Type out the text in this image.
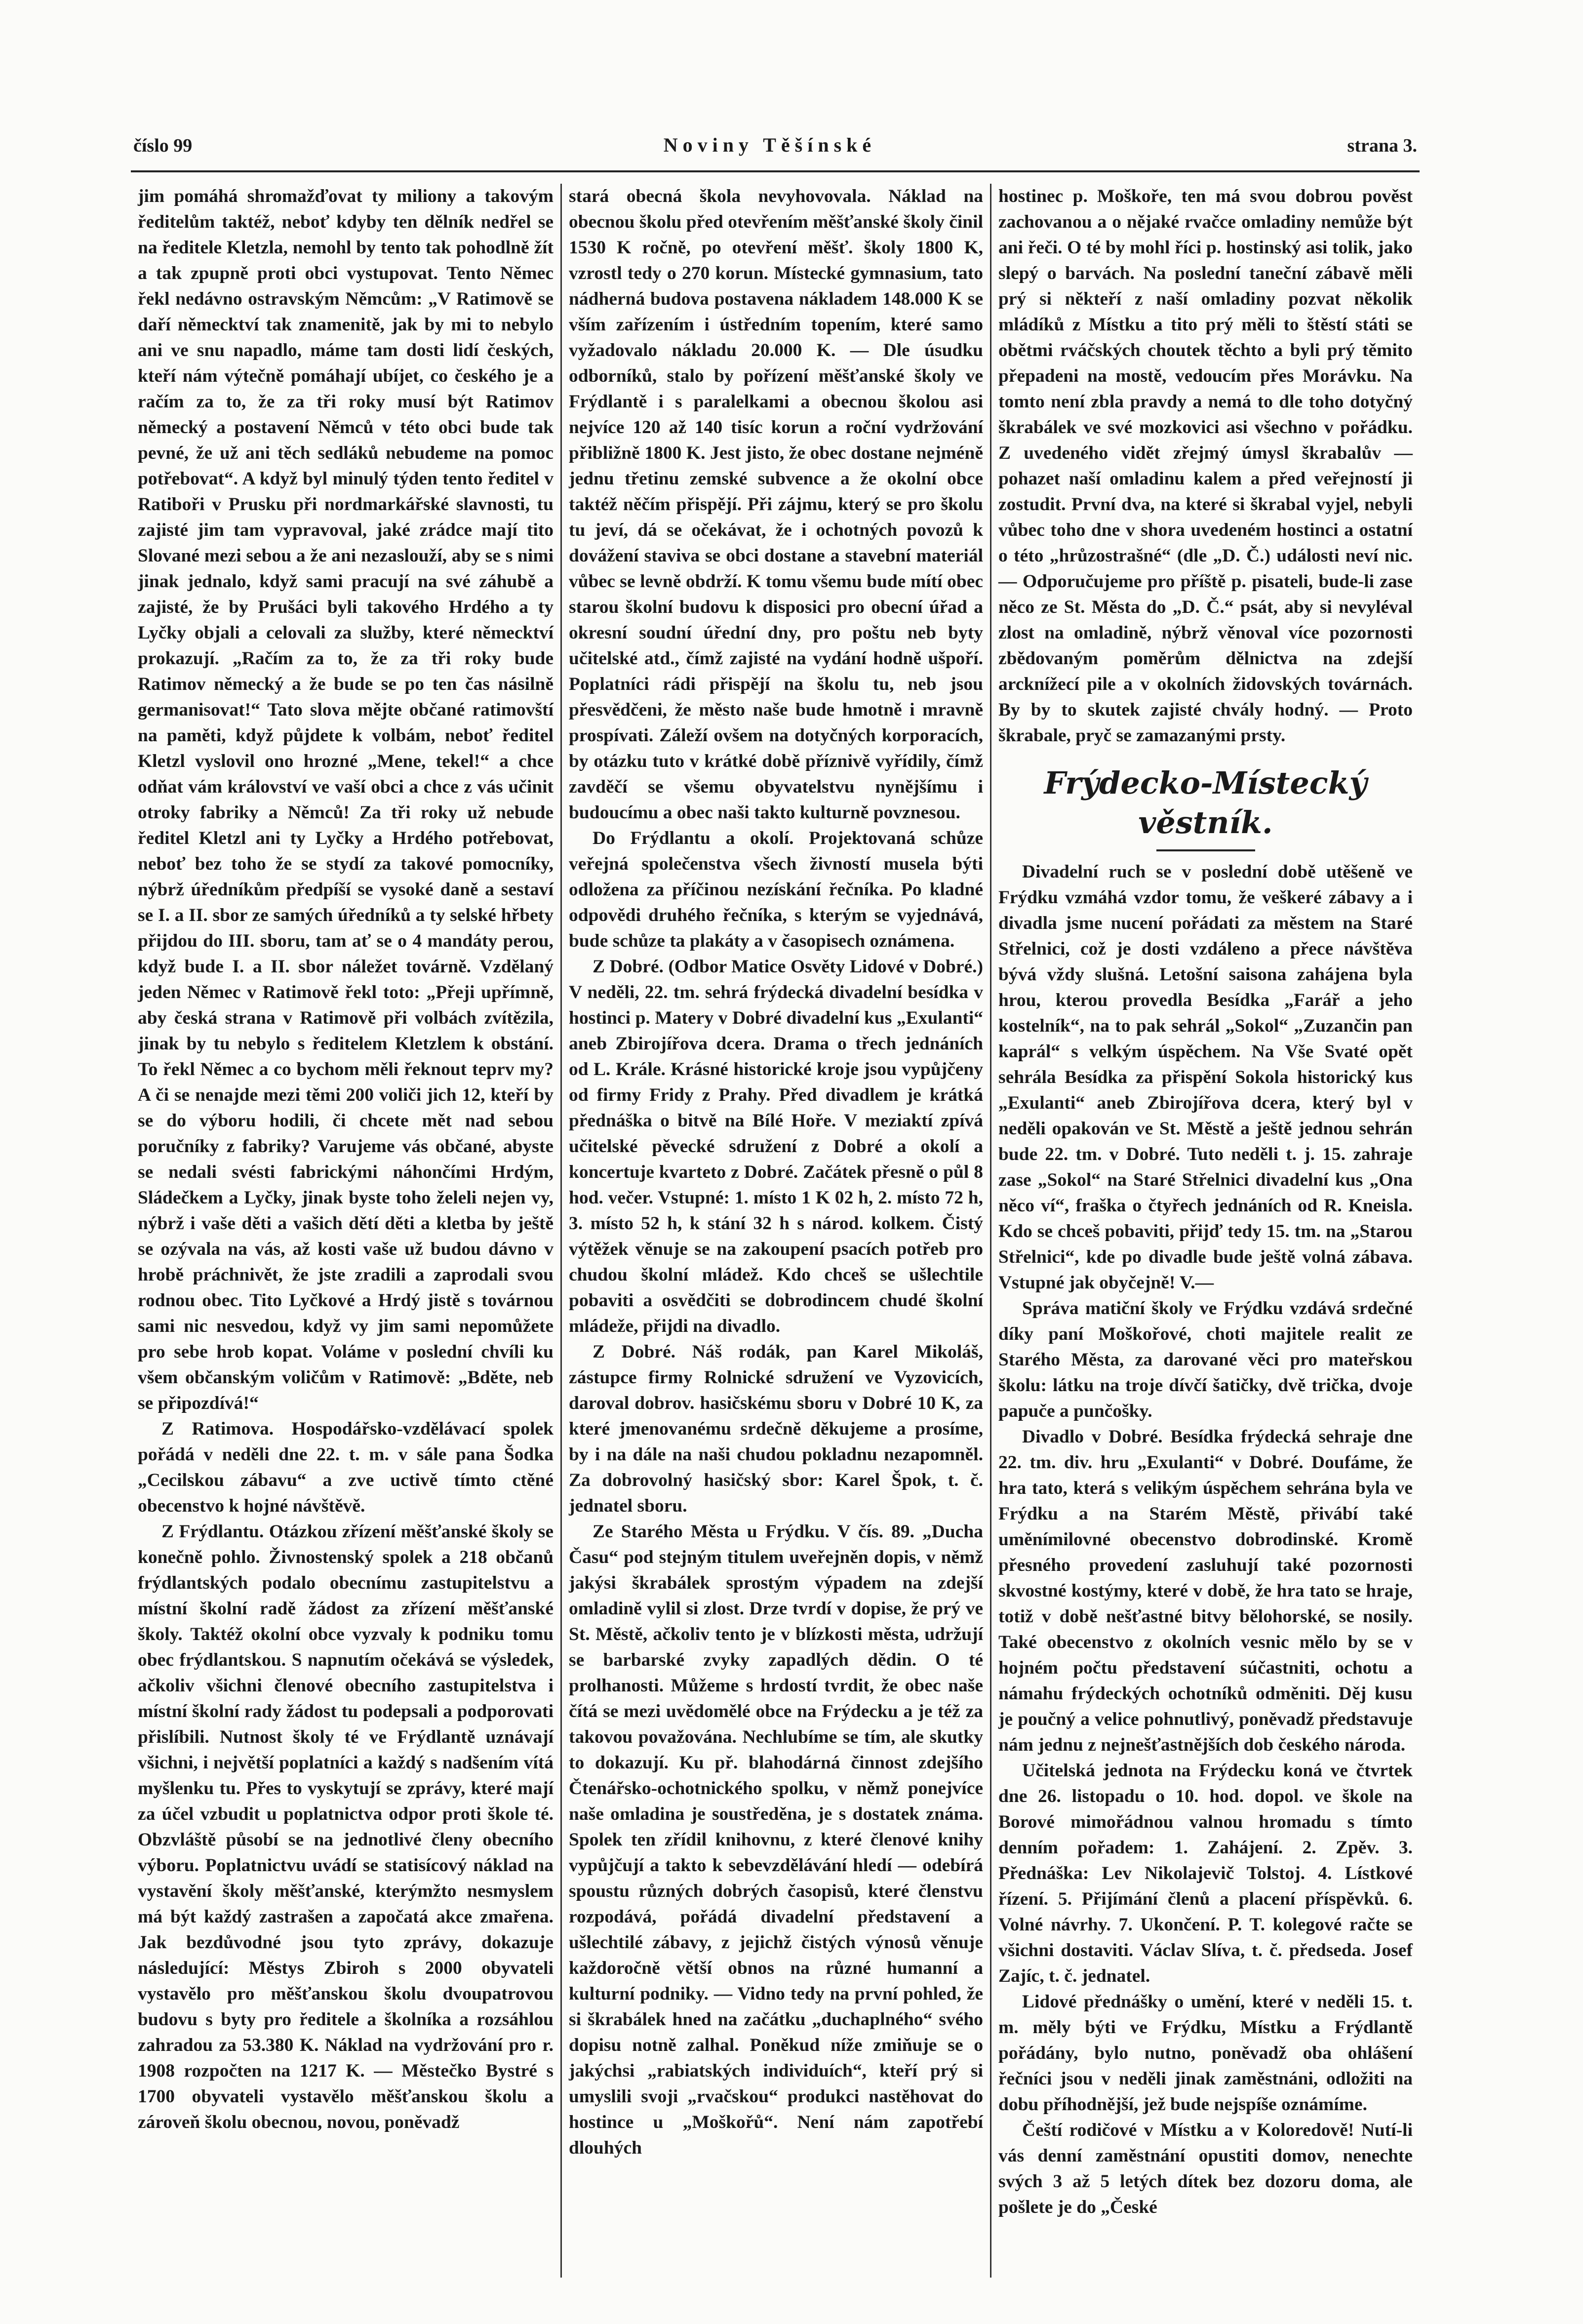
číslo 99	Noviny Těšínské	strana 3.

jim pomáhá shromažďovat ty miliony a takovým ředitelům taktéž, neboť kdyby ten dělník nedřel se na ředitele Kletzla, nemohl by tento tak pohodlně žít a tak zpupně proti obci vystupovat. Tento Němec řekl nedávno ostravským Němcům: „V Ratimově se daří německtví tak znamenitě, jak by mi to nebylo ani ve snu napadlo, máme tam dosti lidí českých, kteří nám výtečně pomáhají ubíjet, co českého je a račím za to, že za tři roky musí být Ratimov německý a postavení Němců v této obci bude tak pevné, že už ani těch sedláků nebudeme na pomoc potřebovat“. A když byl minulý týden tento ředitel v Ratiboři v Prusku při nordmarkářské slavnosti, tu zajisté jim tam vypravoval, jaké zrádce mají tito Slované mezi sebou a že ani nezaslouží, aby se s nimi jinak jednalo, když sami pracují na své záhubě a zajisté, že by Prušáci byli takového Hrdého a ty Lyčky objali a celovali za služby, které německtví prokazují. „Račím za to, že za tři roky bude Ratimov německý a že bude se po ten čas násilně germanisovat!“ Tato slova mějte občané ratimovští na paměti, když půjdete k volbám, neboť ředitel Kletzl vyslovil ono hrozné „Mene, tekel!“ a chce odňat vám království ve vaší obci a chce z vás učinit otroky fabriky a Němců! Za tři roky už nebude ředitel Kletzl ani ty Lyčky a Hrdého potřebovat, neboť bez toho že se stydí za takové pomocníky, nýbrž úředníkům předpíší se vysoké daně a sestaví se I. a II. sbor ze samých úředníků a ty selské hřbety přijdou do III. sboru, tam ať se o 4 mandáty perou, když bude I. a II. sbor náležet továrně. Vzdělaný jeden Němec v Ratimově řekl toto: „Přeji upřímně, aby česká strana v Ratimově při volbách zvítězila, jinak by tu nebylo s ředitelem Kletzlem k obstání. To řekl Němec a co bychom měli řeknout teprv my? A či se nenajde mezi těmi 200 voliči jich 12, kteří by se do výboru hodili, či chcete mět nad sebou poručníky z fabriky? Varujeme vás občané, abyste se nedali svésti fabrickými náhončími Hrdým, Sládečkem a Lyčky, jinak byste toho želeli nejen vy, nýbrž i vaše děti a vašich dětí děti a kletba by ještě se ozývala na vás, až kosti vaše už budou dávno v hrobě práchnivět, že jste zradili a zaprodali svou rodnou obec. Tito Lyčkové a Hrdý jistě s továrnou sami nic nesvedou, když vy jim sami nepomůžete pro sebe hrob kopat. Voláme v poslední chvíli ku všem občanským voličům v Ratimově: „Bděte, neb se připozdívá!“

Z Ratimova. Hospodářsko-vzdělávací spolek pořádá v neděli dne 22. t. m. v sále pana Šodka „Cecilskou zábavu“ a zve uctivě tímto ctěné obecenstvo k hojné návštěvě.

Z Frýdlantu. Otázkou zřízení měšťanské školy se konečně pohlo. Živnostenský spolek a 218 občanů frýdlantských podalo obecnímu zastupitelstvu a místní školní radě žádost za zřízení měšťanské školy. Taktéž okolní obce vyzvaly k podniku tomu obec frýdlantskou. S napnutím očekává se výsledek, ačkoliv všichni členové obecního zastupitelstva i místní školní rady žádost tu podepsali a podporovati přislíbili. Nutnost školy té ve Frýdlantě uznávají všichni, i největší poplatníci a každý s nadšením vítá myšlenku tu. Přes to vyskytují se zprávy, které mají za účel vzbudit u poplatnictva odpor proti škole té. Obzvláště působí se na jednotlivé členy obecního výboru. Poplatnictvu uvádí se statisícový náklad na vystavění školy měšťanské, kterýmžto nesmyslem má být každý zastrašen a započatá akce zmařena. Jak bezdůvodné jsou tyto zprávy, dokazuje následující: Městys Zbiroh s 2000 obyvateli vystavělo pro měšťanskou školu dvoupatrovou budovu s byty pro ředitele a školníka a rozsáhlou zahradou za 53.380 K. Náklad na vydržování pro r. 1908 rozpočten na 1217 K. — Městečko Bystré s 1700 obyvateli vystavělo měšťanskou školu a zároveň školu obecnou, novou, poněvadž

stará obecná škola nevyhovovala. Náklad na obecnou školu před otevřením měšťanské školy činil 1530 K ročně, po otevření měšť. školy 1800 K, vzrostl tedy o 270 korun. Místecké gymnasium, tato nádherná budova postavena nákladem 148.000 K se vším zařízením i ústředním topením, které samo vyžadovalo nákladu 20.000 K. — Dle úsudku odborníků, stalo by pořízení měšťanské školy ve Frýdlantě i s paralelkami a obecnou školou asi nejvíce 120 až 140 tisíc korun a roční vydržování přibližně 1800 K. Jest jisto, že obec dostane nejméně jednu třetinu zemské subvence a že okolní obce taktéž něčím přispějí. Při zájmu, který se pro školu tu jeví, dá se očekávat, že i ochotných povozů k dovážení staviva se obci dostane a stavební materiál vůbec se levně obdrží. K tomu všemu bude mítí obec starou školní budovu k disposici pro obecní úřad a okresní soudní úřední dny, pro poštu neb byty učitelské atd., čímž zajisté na vydání hodně ušpoří. Poplatníci rádi přispějí na školu tu, neb jsou přesvědčeni, že město naše bude hmotně i mravně prospívati. Záleží ovšem na dotyčných korporacích, by otázku tuto v krátké době příznivě vyřídily, čímž zavděčí se všemu obyvatelstvu nynějšímu i budoucímu a obec naši takto kulturně povznesou.

Do Frýdlantu a okolí. Projektovaná schůze veřejná společenstva všech živností musela býti odložena za příčinou nezískání řečníka. Po kladné odpovědi druhého řečníka, s kterým se vyjednává, bude schůze ta plakáty a v časopisech oznámena.

Z Dobré. (Odbor Matice Osvěty Lidové v Dobré.) V neděli, 22. tm. sehrá frýdecká divadelní besídka v hostinci p. Matery v Dobré divadelní kus „Exulanti“ aneb Zbirojířova dcera. Drama o třech jednáních od L. Krále. Krásné historické kroje jsou vypůjčeny od firmy Fridy z Prahy. Před divadlem je krátká přednáška o bitvě na Bílé Hoře. V meziaktí zpívá učitelské pěvecké sdružení z Dobré a okolí a koncertuje kvarteto z Dobré. Začátek přesně o půl 8 hod. večer. Vstupné: 1. místo 1 K 02 h, 2. místo 72 h, 3. místo 52 h, k stání 32 h s národ. kolkem. Čistý výtěžek věnuje se na zakoupení psacích potřeb pro chudou školní mládež. Kdo chceš se ušlechtile pobaviti a osvědčiti se dobrodincem chudé školní mládeže, přijdi na divadlo.

Z Dobré. Náš rodák, pan Karel Mikoláš, zástupce firmy Rolnické sdružení ve Vyzovicích, daroval dobrov. hasičskému sboru v Dobré 10 K, za které jmenovanému srdečně děkujeme a prosíme, by i na dále na naši chudou pokladnu nezapomněl. Za dobrovolný hasičský sbor: Karel Špok, t. č. jednatel sboru.

Ze Starého Města u Frýdku. V čís. 89. „Ducha Času“ pod stejným titulem uveřejněn dopis, v němž jakýsi škrabálek sprostým výpadem na zdejší omladině vylil si zlost. Drze tvrdí v dopise, že prý ve St. Městě, ačkoliv tento je v blízkosti města, udržují se barbarské zvyky zapadlých dědin. O té prolhanosti. Můžeme s hrdostí tvrdit, že obec naše čítá se mezi uvědomělé obce na Frýdecku a je též za takovou považována. Nechlubíme se tím, ale skutky to dokazují. Ku př. blahodárná činnost zdejšího Čtenářsko-ochotnického spolku, v němž ponejvíce naše omladina je soustředěna, je s dostatek známa. Spolek ten zřídil knihovnu, z které členové knihy vypůjčují a takto k sebevzdělávání hledí — odebírá spoustu různých dobrých časopisů, které členstvu rozpodává, pořádá divadelní představení a ušlechtilé zábavy, z jejichž čistých výnosů věnuje každoročně větší obnos na různé humanní a kulturní podniky. — Vidno tedy na první pohled, že si škrabálek hned na začátku „duchaplného“ svého dopisu notně zalhal. Poněkud níže zmiňuje se o jakýchsi „rabiatských individuích“, kteří prý si umyslili svoji „rvačskou“ produkci nastěhovat do hostince u „Moškořů“. Není nám zapotřebí dlouhých

hostinec p. Moškoře, ten má svou dobrou pověst zachovanou a o nějaké rvačce omladiny nemůže být ani řeči. O té by mohl říci p. hostinský asi tolik, jako slepý o barvách. Na poslední taneční zábavě měli prý si někteří z naší omladiny pozvat několik mládíků z Místku a tito prý měli to štěstí státi se obětmi rváčských choutek těchto a byli prý těmito přepadeni na mostě, vedoucím přes Morávku. Na tomto není zbla pravdy a nemá to dle toho dotyčný škrabálek ve své mozkovici asi všechno v pořádku. Z uvedeného vidět zřejmý úmysl škrabalův — pohazet naší omladinu kalem a před veřejností ji zostudit. První dva, na které si škrabal vyjel, nebyli vůbec toho dne v shora uvedeném hostinci a ostatní o této „hrůzostrašné“ (dle „D. Č.) události neví nic. — Odporučujeme pro příště p. pisateli, bude-li zase něco ze St. Města do „D. Č.“ psát, aby si nevyléval zlost na omladině, nýbrž věnoval více pozornosti zbědovaným poměrům dělnictva na zdejší arcknížecí pile a v okolních židovských továrnách. By by to skutek zajisté chvály hodný. — Proto škrabale, pryč se zamazanými prsty.

Frýdecko-Místecký věstník.

Divadelní ruch se v poslední době utěšeně ve Frýdku vzmáhá vzdor tomu, že veškeré zábavy a i divadla jsme nucení pořádati za městem na Staré Střelnici, což je dosti vzdáleno a přece návštěva bývá vždy slušná. Letošní saisona zahájena byla hrou, kterou provedla Besídka „Farář a jeho kostelník“, na to pak sehrál „Sokol“ „Zuzančin pan kaprál“ s velkým úspěchem. Na Vše Svaté opět sehrála Besídka za přispění Sokola historický kus „Exulanti“ aneb Zbirojířova dcera, který byl v neděli opakován ve St. Městě a ještě jednou sehrán bude 22. tm. v Dobré. Tuto neděli t. j. 15. zahraje zase „Sokol“ na Staré Střelnici divadelní kus „Ona něco ví“, fraška o čtyřech jednáních od R. Kneisla. Kdo se chceš pobaviti, přijď tedy 15. tm. na „Starou Střelnici“, kde po divadle bude ještě volná zábava. Vstupné jak obyčejně! V.—

Správa matiční školy ve Frýdku vzdává srdečné díky paní Moškořové, choti majitele realit ze Starého Města, za darované věci pro mateřskou školu: látku na troje dívčí šatičky, dvě trička, dvoje papuče a punčošky.

Divadlo v Dobré. Besídka frýdecká sehraje dne 22. tm. div. hru „Exulanti“ v Dobré. Doufáme, že hra tato, která s velikým úspěchem sehrána byla ve Frýdku a na Starém Městě, přivábí také uměnímilovné obecenstvo dobrodinské. Kromě přesného provedení zasluhují také pozornosti skvostné kostýmy, které v době, že hra tato se hraje, totiž v době nešťastné bitvy bělohorské, se nosily. Také obecenstvo z okolních vesnic mělo by se v hojném počtu představení súčastniti, ochotu a námahu frýdeckých ochotníků odměniti. Děj kusu je poučný a velice pohnutlivý, poněvadž představuje nám jednu z nejnešťastnějších dob českého národa.

Učitelská jednota na Frýdecku koná ve čtvrtek dne 26. listopadu o 10. hod. dopol. ve škole na Borové mimořádnou valnou hromadu s tímto denním pořadem: 1. Zahájení. 2. Zpěv. 3. Přednáška: Lev Nikolajevič Tolstoj. 4. Lístkové řízení. 5. Přijímání členů a placení příspěvků. 6. Volné návrhy. 7. Ukončení. P. T. kolegové račte se všichni dostaviti. Václav Slíva, t. č. předseda. Josef Zajíc, t. č. jednatel.

Lidové přednášky o umění, které v neděli 15. t. m. měly býti ve Frýdku, Místku a Frýdlantě pořádány, bylo nutno, poněvadž oba ohlášení řečníci jsou v neděli jinak zaměstnáni, odložiti na dobu příhodnější, jež bude nejspíše oznámíme.

Čeští rodičové v Místku a v Koloredově! Nutí-li vás denní zaměstnání opustiti domov, nenechte svých 3 až 5 letých dítek bez dozoru doma, ale pošlete je do „České
